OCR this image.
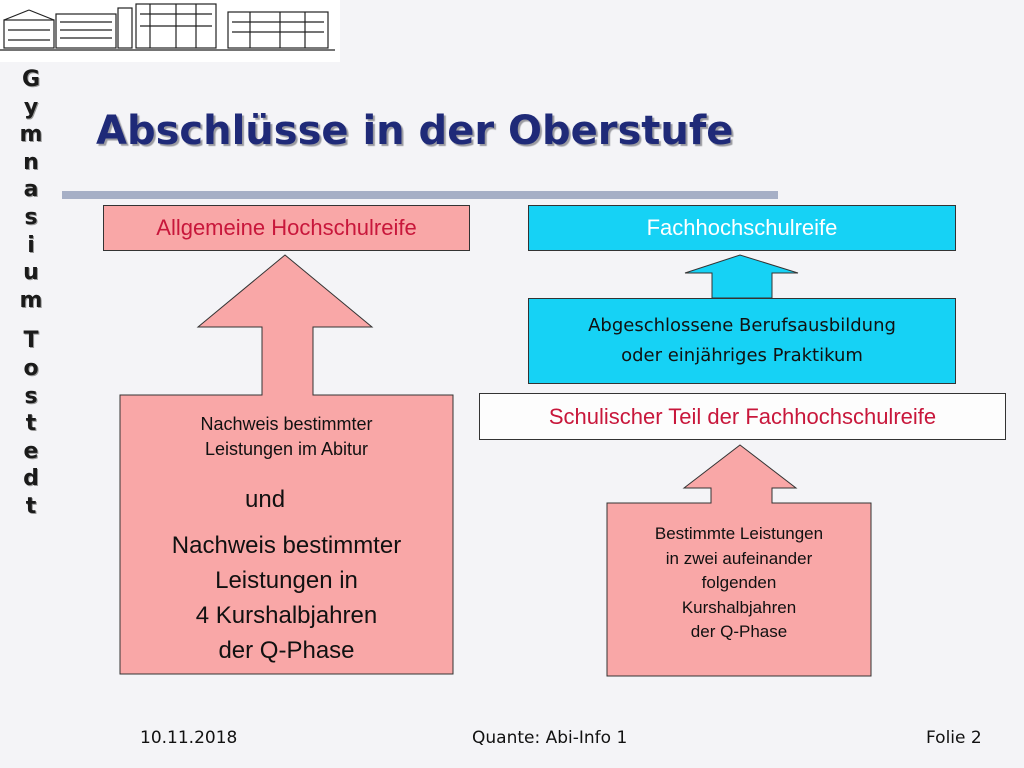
G
y
m
n
a
s
i
u
m
T
o
s
t
e
d
t
Abschlüsse in der Oberstufe
Allgemeine Hochschulreife	Fachhochschulreife
Abgeschlossene Berufsausbildung
oder einjähriges Praktikum
Schulischer Teil der Fachhochschulreife
Nachweis bestimmter
Leistungen im Abitur
und
Nachweis bestimmter
Leistungen in
4 Kurshalbjahren
der Q-Phase
Bestimmte Leistungen
in zwei aufeinander
folgenden
Kurshalbjahren
der Q-Phase
10.11.2018	Quante: Abi-Info 1	Folie 2
